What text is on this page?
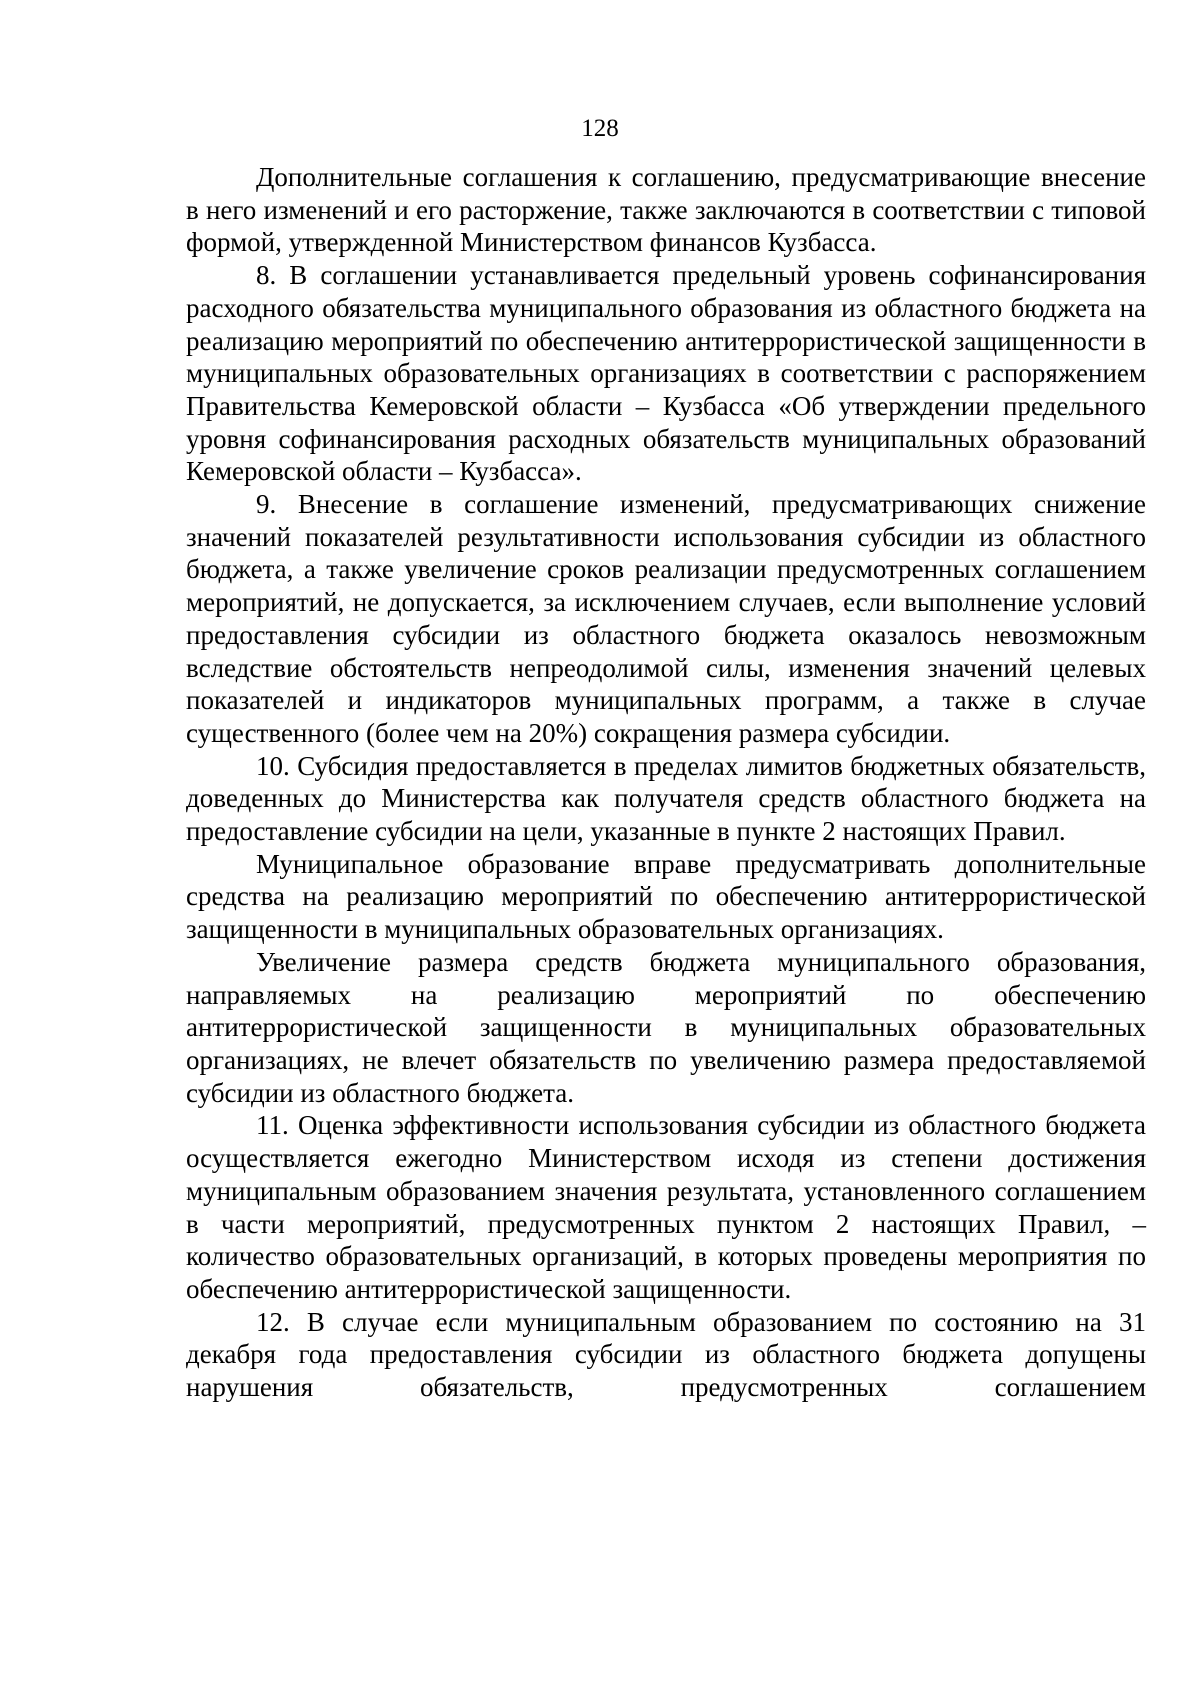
128

Дополнительные соглашения к соглашению, предусматривающие внесение в него изменений и его расторжение, также заключаются в соответствии с типовой формой, утвержденной Министерством финансов Кузбасса.

8. В соглашении устанавливается предельный уровень софинансирования расходного обязательства муниципального образования из областного бюджета на реализацию мероприятий по обеспечению антитеррористической защищенности в муниципальных образовательных организациях в соответствии с распоряжением Правительства Кемеровской области – Кузбасса «Об утверждении предельного уровня софинансирования расходных обязательств муниципальных образований Кемеровской области – Кузбасса».

9. Внесение в соглашение изменений, предусматривающих снижение значений показателей результативности использования субсидии из областного бюджета, а также увеличение сроков реализации предусмотренных соглашением мероприятий, не допускается, за исключением случаев, если выполнение условий предоставления субсидии из областного бюджета оказалось невозможным вследствие обстоятельств непреодолимой силы, изменения значений целевых показателей и индикаторов муниципальных программ, а также в случае существенного (более чем на 20%) сокращения размера субсидии.

10. Субсидия предоставляется в пределах лимитов бюджетных обязательств, доведенных до Министерства как получателя средств областного бюджета на предоставление субсидии на цели, указанные в пункте 2 настоящих Правил.

Муниципальное образование вправе предусматривать дополнительные средства на реализацию мероприятий по обеспечению антитеррористической защищенности в муниципальных образовательных организациях.

Увеличение размера средств бюджета муниципального образования, направляемых на реализацию мероприятий по обеспечению антитеррористической защищенности в муниципальных образовательных организациях, не влечет обязательств по увеличению размера предоставляемой субсидии из областного бюджета.

11. Оценка эффективности использования субсидии из областного бюджета осуществляется ежегодно Министерством исходя из степени достижения муниципальным образованием значения результата, установленного соглашением в части мероприятий, предусмотренных пунктом 2 настоящих Правил, – количество образовательных организаций, в которых проведены мероприятия по обеспечению антитеррористической защищенности.

12. В случае если муниципальным образованием по состоянию на 31 декабря года предоставления субсидии из областного бюджета допущены нарушения обязательств, предусмотренных соглашением
